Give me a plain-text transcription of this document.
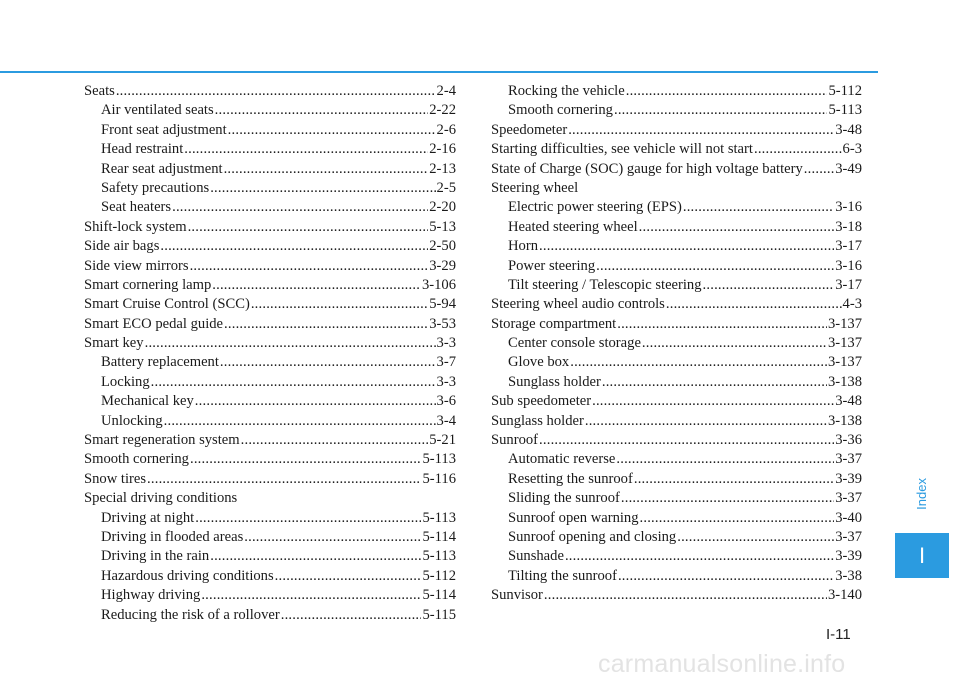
Seats .....	2-4
Air ventilated seats .....	2-22
Front seat adjustment .....	2-6
Head restraint .....	2-16
Rear seat adjustment .....	2-13
Safety precautions .....	2-5
Seat heaters .....	2-20
Shift-lock system .....	5-13
Side air bags .....	2-50
Side view mirrors .....	3-29
Smart cornering lamp .....	3-106
Smart Cruise Control (SCC) .....	5-94
Smart ECO pedal guide .....	3-53
Smart key .....	3-3
Battery replacement .....	3-7
Locking .....	3-3
Mechanical key .....	3-6
Unlocking .....	3-4
Smart regeneration system .....	5-21
Smooth cornering .....	5-113
Snow tires .....	5-116
Special driving conditions
Driving at night .....	5-113
Driving in flooded areas .....	5-114
Driving in the rain .....	5-113
Hazardous driving conditions .....	5-112
Highway driving .....	5-114
Reducing the risk of a rollover .....	5-115
Rocking the vehicle .....	5-112
Smooth cornering .....	5-113
Speedometer .....	3-48
Starting difficulties, see vehicle will not start .....	6-3
State of Charge (SOC) gauge for high voltage battery ..... 3-49
Steering wheel
Electric power steering (EPS) .....	3-16
Heated steering wheel .....	3-18
Horn .....	3-17
Power steering .....	3-16
Tilt steering / Telescopic steering .....	3-17
Steering wheel audio controls .....	4-3
Storage compartment .....	3-137
Center console storage .....	3-137
Glove box .....	3-137
Sunglass holder .....	3-138
Sub speedometer .....	3-48
Sunglass holder .....	3-138
Sunroof .....	3-36
Automatic reverse .....	3-37
Resetting the sunroof .....	3-39
Sliding the sunroof .....	3-37
Sunroof open warning .....	3-40
Sunroof opening and closing .....	3-37
Sunshade .....	3-39
Tilting the sunroof .....	3-38
Sunvisor .....	3-140
Index
I
I-11
carmanualsonline.info
